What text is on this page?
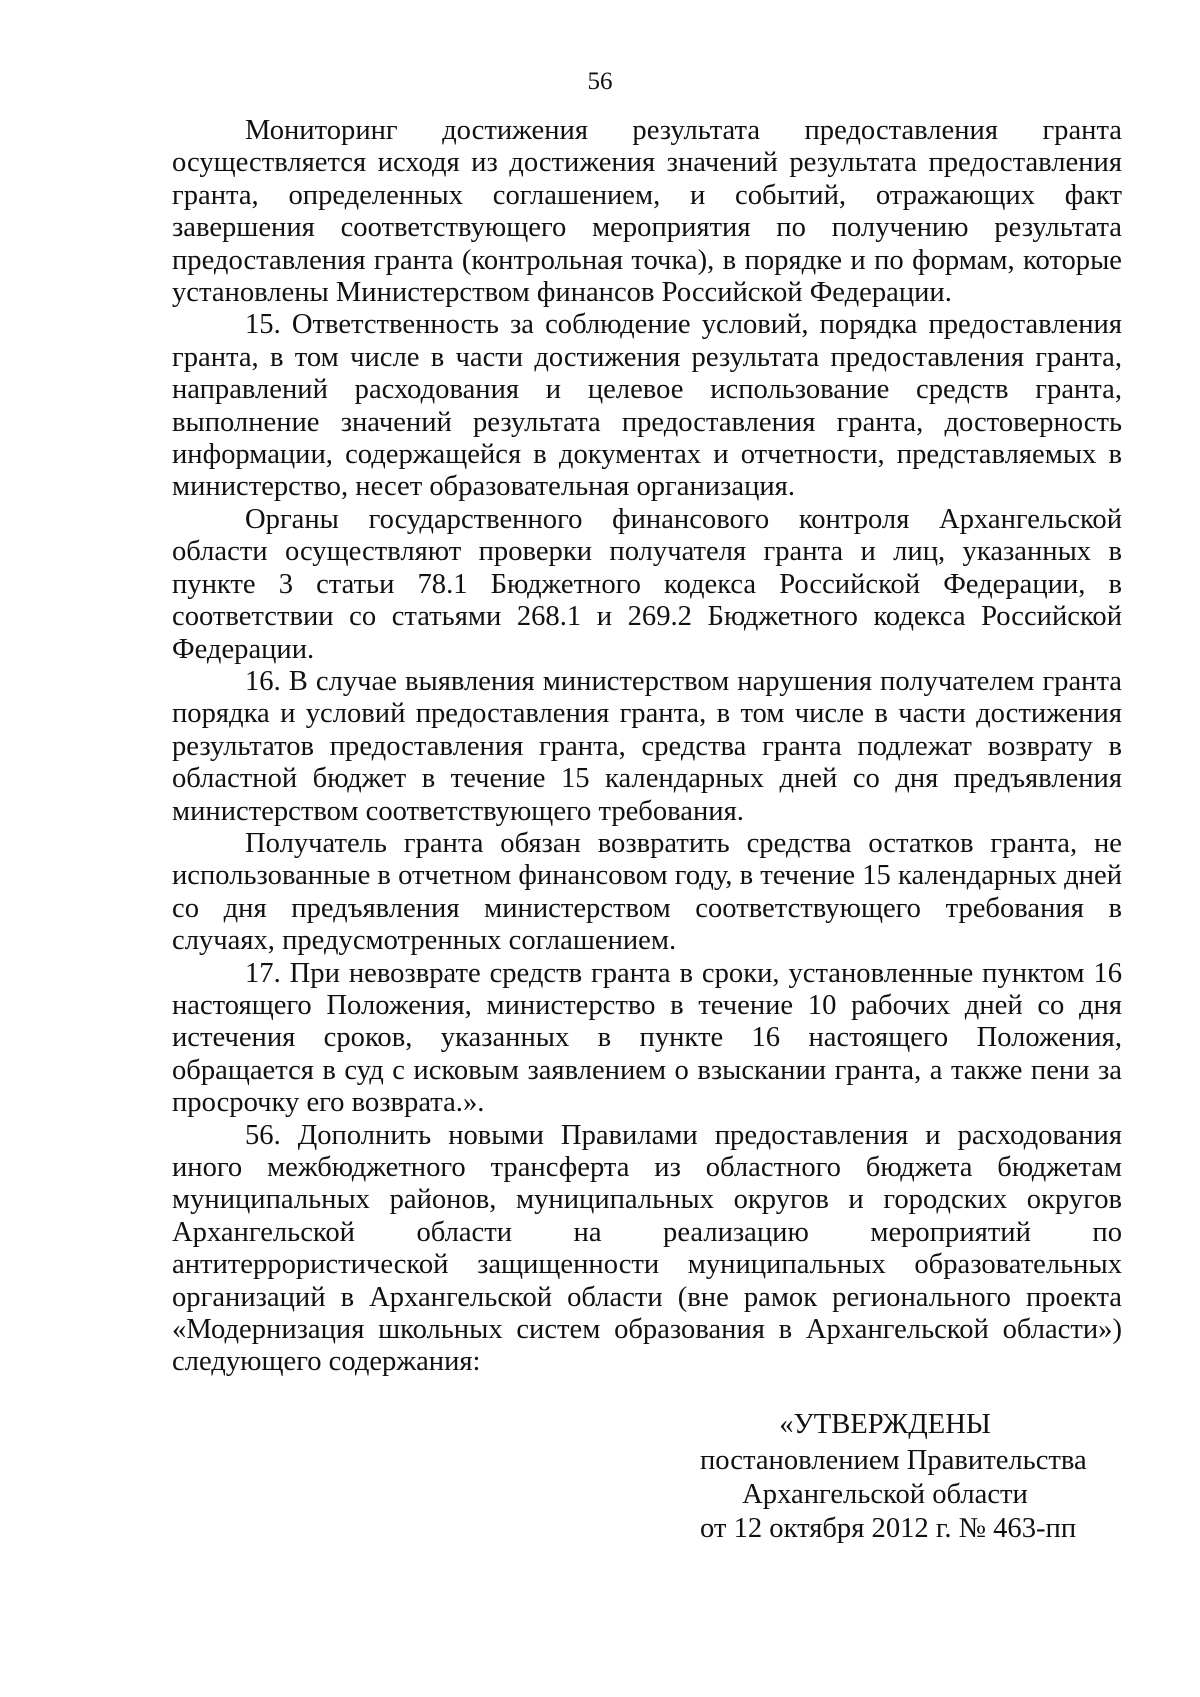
56

Мониторинг достижения результата предоставления гранта осуществляется исходя из достижения значений результата предоставления гранта, определенных соглашением, и событий, отражающих факт завершения соответствующего мероприятия по получению результата предоставления гранта (контрольная точка), в порядке и по формам, которые установлены Министерством финансов Российской Федерации.

15. Ответственность за соблюдение условий, порядка предоставления гранта, в том числе в части достижения результата предоставления гранта, направлений расходования и целевое использование средств гранта, выполнение значений результата предоставления гранта, достоверность информации, содержащейся в документах и отчетности, представляемых в министерство, несет образовательная организация.

Органы государственного финансового контроля Архангельской области осуществляют проверки получателя гранта и лиц, указанных в пункте 3 статьи 78.1 Бюджетного кодекса Российской Федерации, в соответствии со статьями 268.1 и 269.2 Бюджетного кодекса Российской Федерации.

16. В случае выявления министерством нарушения получателем гранта порядка и условий предоставления гранта, в том числе в части достижения результатов предоставления гранта, средства гранта подлежат возврату в областной бюджет в течение 15 календарных дней со дня предъявления министерством соответствующего требования.

Получатель гранта обязан возвратить средства остатков гранта, не использованные в отчетном финансовом году, в течение 15 календарных дней со дня предъявления министерством соответствующего требования в случаях, предусмотренных соглашением.

17. При невозврате средств гранта в сроки, установленные пунктом 16 настоящего Положения, министерство в течение 10 рабочих дней со дня истечения сроков, указанных в пункте 16 настоящего Положения, обращается в суд с исковым заявлением о взыскании гранта, а также пени за просрочку его возврата.».

56. Дополнить новыми Правилами предоставления и расходования иного межбюджетного трансферта из областного бюджета бюджетам муниципальных районов, муниципальных округов и городских округов Архангельской области на реализацию мероприятий по антитеррористической защищенности муниципальных образовательных организаций в Архангельской области (вне рамок регионального проекта «Модернизация школьных систем образования в Архангельской области») следующего содержания:

«УТВЕРЖДЕНЫ
постановлением Правительства
Архангельской области
от 12 октября 2012 г. № 463-пп
